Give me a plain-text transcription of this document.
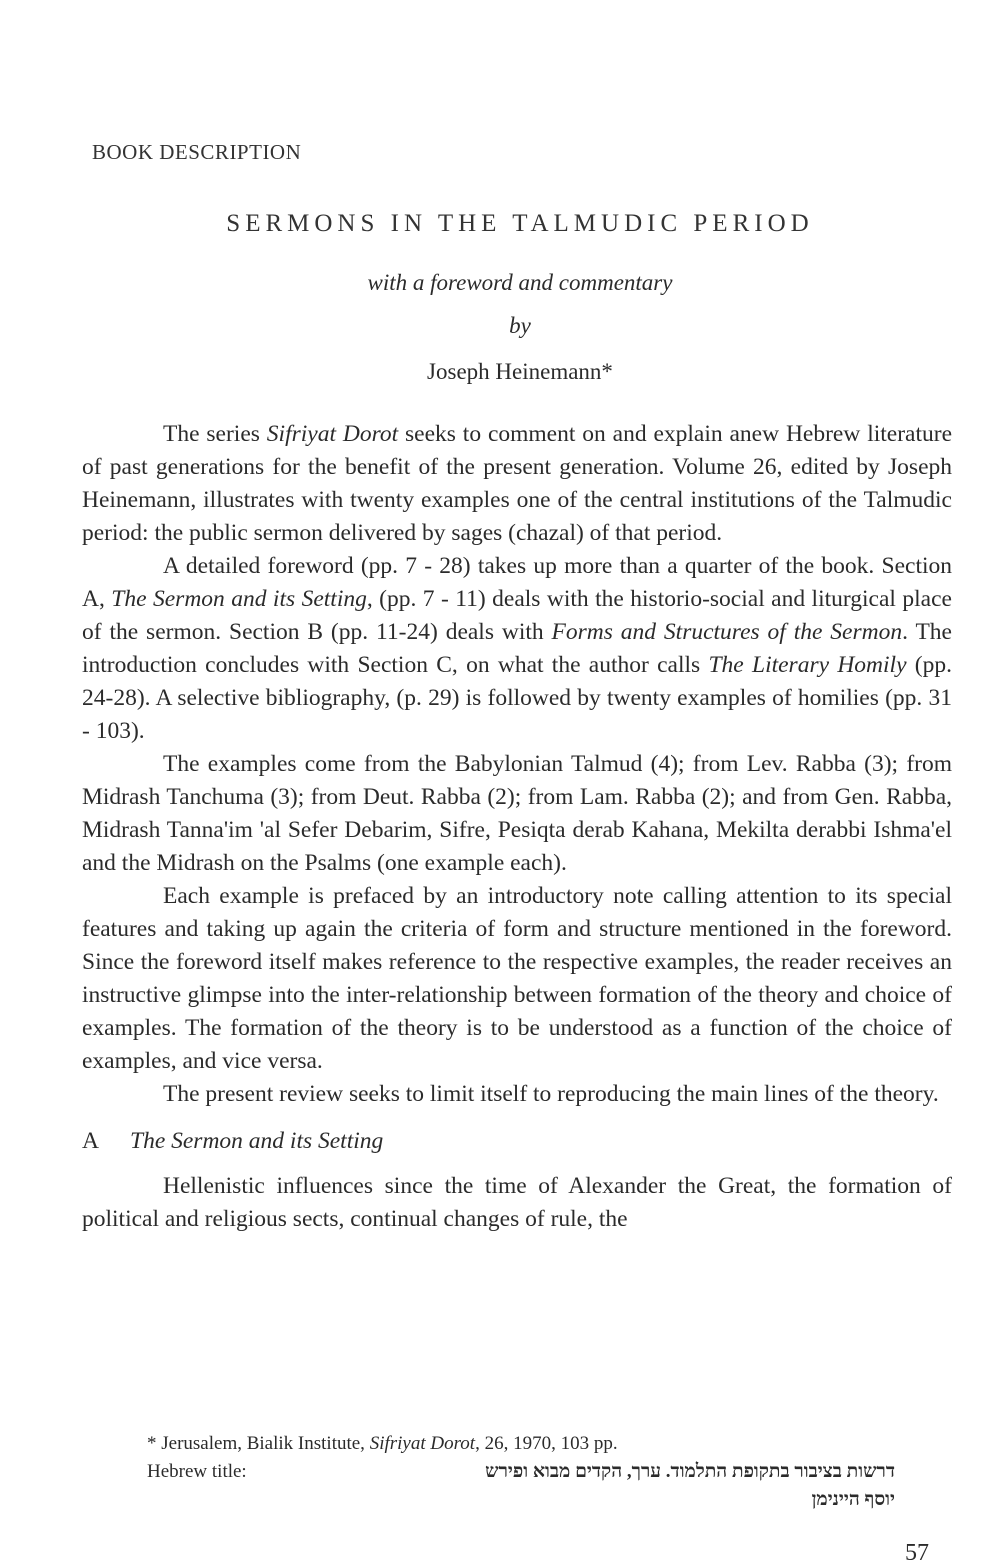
BOOK DESCRIPTION
SERMONS IN THE TALMUDIC PERIOD
with a foreword and commentary
by
Joseph Heinemann*

The series Sifriyat Dorot seeks to comment on and explain anew Hebrew literature of past generations for the benefit of the present generation. Volume 26, edited by Joseph Heinemann, illustrates with twenty examples one of the central institutions of the Talmudic period: the public sermon delivered by sages (chazal) of that period.

A detailed foreword (pp. 7 - 28) takes up more than a quarter of the book. Section A, The Sermon and its Setting, (pp. 7 - 11) deals with the historio-social and liturgical place of the sermon. Section B (pp. 11-24) deals with Forms and Structures of the Sermon. The introduction concludes with Section C, on what the author calls The Literary Homily (pp. 24-28). A selective bibliography, (p. 29) is followed by twenty examples of homilies (pp. 31 - 103).

The examples come from the Babylonian Talmud (4); from Lev. Rabba (3); from Midrash Tanchuma (3); from Deut. Rabba (2); from Lam. Rabba (2); and from Gen. Rabba, Midrash Tanna'im 'al Sefer Debarim, Sifre, Pesiqta derab Kahana, Mekilta derabbi Ishma'el and the Midrash on the Psalms (one example each).

Each example is prefaced by an introductory note calling attention to its special features and taking up again the criteria of form and structure mentioned in the foreword. Since the foreword itself makes reference to the respective examples, the reader receives an instructive glimpse into the inter-relationship between formation of the theory and choice of examples. The formation of the theory is to be understood as a function of the choice of examples, and vice versa.

The present review seeks to limit itself to reproducing the main lines of the theory.

A The Sermon and its Setting

Hellenistic influences since the time of Alexander the Great, the formation of political and religious sects, continual changes of rule, the

* Jerusalem, Bialik Institute, Sifriyat Dorot, 26, 1970, 103 pp.
Hebrew title:	דרשות בציבור בתקופת התלמוד. ערך, הקדים מבוא ופירש
יוסף היינימן
57
